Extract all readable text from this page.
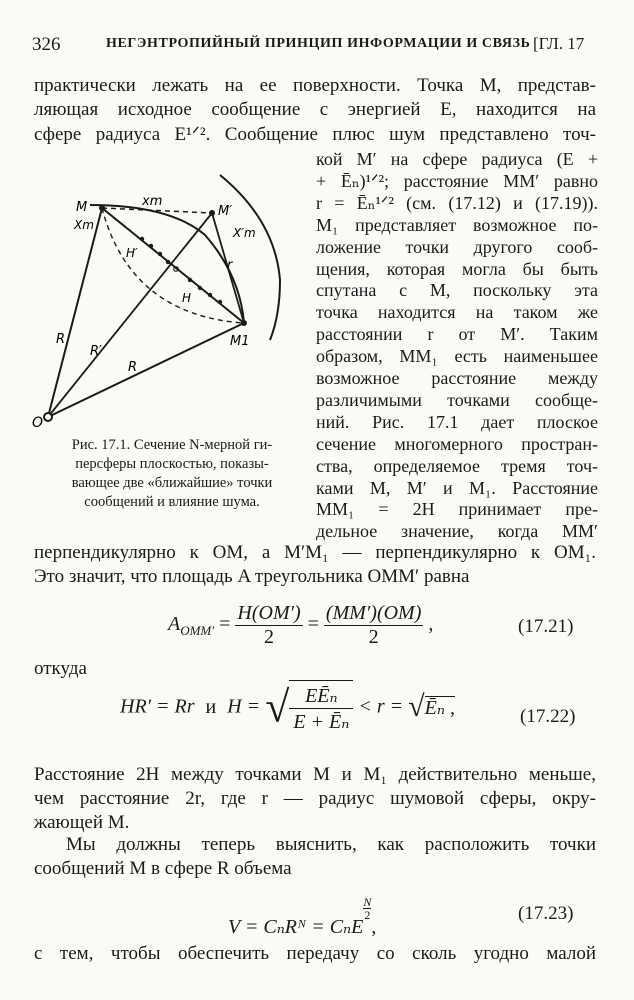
326	НЕГЭНТРОПИЙНЫЙ ПРИНЦИП ИНФОРМАЦИИ И СВЯЗЬ [ГЛ. 17
практически лежать на ее поверхности. Точка M, представ-
ляющая исходное сообщение с энергией E, находится на
сфере радиуса E¹ᐟ². Сообщение плюс шум представлено точ-
кой M′ на сфере радиуса (E +
+ Ēₙ)¹ᐟ²; расстояние MM′ равно
r = Ēₙ¹ᐟ² (см. (17.12) и (17.19)).
M₁ представляет возможное по-
ложение точки другого сооб-
щения, которая могла бы быть
спутана с M, поскольку эта
точка находится на таком же
расстоянии r от M′. Таким
образом, MM₁ есть наименьшее
возможное расстояние между
различимыми точками сообще-
ний. Рис. 17.1 дает плоское
сечение многомерного простран-
ства, определяемое тремя точ-
ками M, M′ и M₁. Расстояние
MM₁ = 2H принимает пре-
дельное значение, когда MM′
M
Xm
M′
X′m
xm
H′
H
r
R
R′
R
M1
O
Рис. 17.1. Сечение N-мерной ги-
персферы плоскостью, показы-
вающее две «ближайшие» точки
сообщений и влияние шума.
перпендикулярно к OM, а M′M₁ — перпендикулярно к OM₁.
Это значит, что площадь A треугольника OMM′ равна
$A_{OMM'} = \frac{H(OM')}{2} = \frac{(MM')(OM)}{2}$ ,	(17.21)
откуда
HR′ = Rr и H = √ EĒₙ
E + Ēₙ
< r = √Ēₙ ,	(17.22)
Расстояние 2H между точками M и M₁ действительно меньше,
чем расстояние 2r, где r — радиус шумовой сферы, окру-
жающей M.
Мы должны теперь выяснить, как расположить точки
сообщений M в сфере R объема
V = CₙRᴺ = CₙE
$\frac{N}{2}$
,
(17.23)
с тем, чтобы обеспечить передачу со сколь угодно малой
